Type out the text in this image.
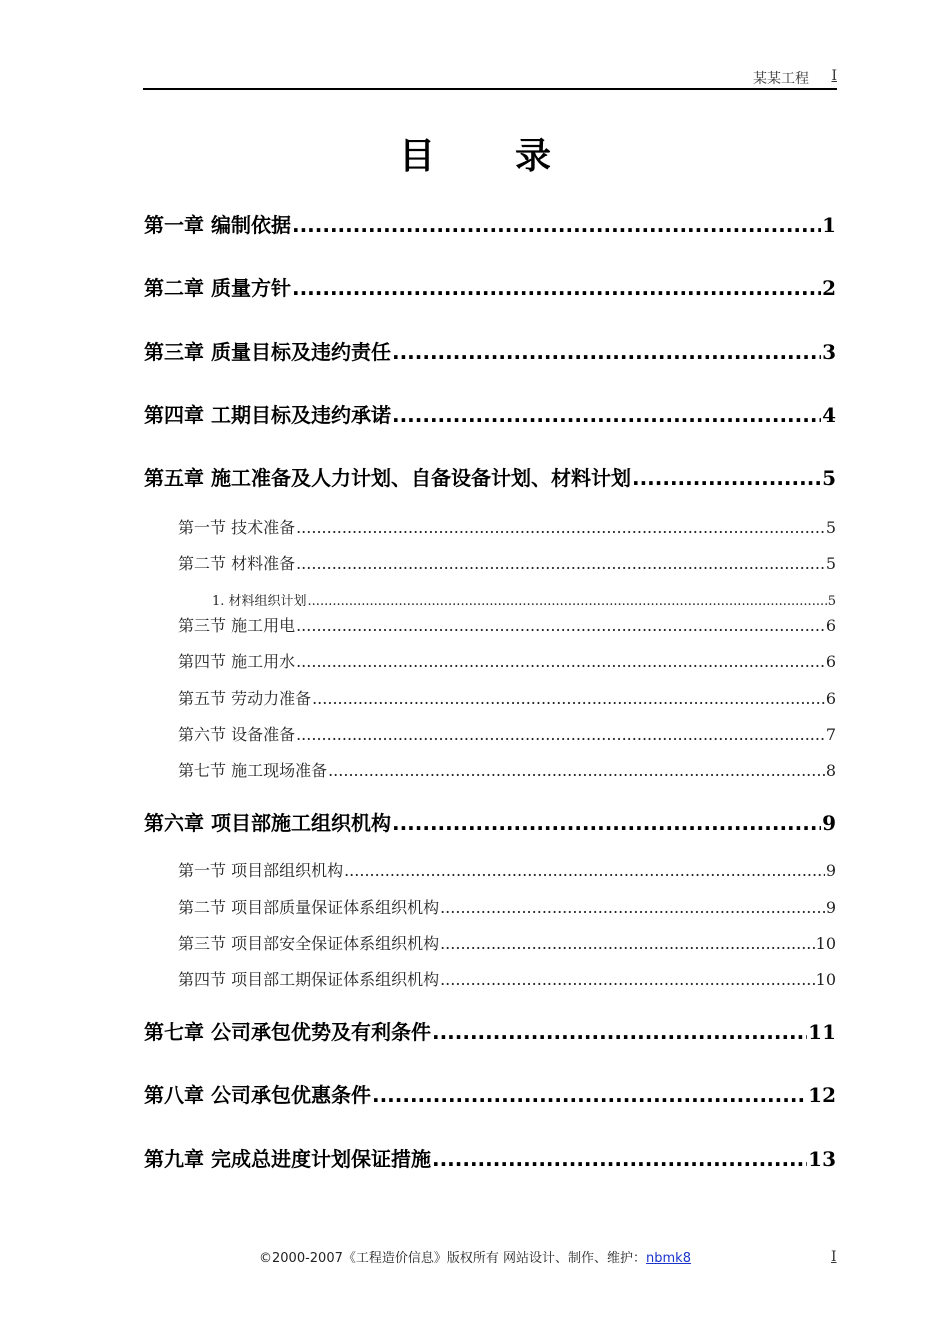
某某工程 I
目录
第一章 编制依据 .....	1
第二章 质量方针 .....	2
第三章 质量目标及违约责任 .....	3
第四章 工期目标及违约承诺 .....	4
第五章 施工准备及人力计划、自备设备计划、材料计划 .....	5
第一节 技术准备 .....	5
第二节 材料准备 .....	5
1. 材料组织计划 .....	5
第三节 施工用电 .....	6
第四节 施工用水 .....	6
第五节 劳动力准备 .....	6
第六节 设备准备 .....	7
第七节 施工现场准备 .....	8
第六章 项目部施工组织机构 .....	9
第一节 项目部组织机构 .....	9
第二节 项目部质量保证体系组织机构 .....	9
第三节 项目部安全保证体系组织机构 .....	10
第四节 项目部工期保证体系组织机构 .....	10
第七章 公司承包优势及有利条件 .....	11
第八章 公司承包优惠条件 .....	12
第九章 完成总进度计划保证措施 .....	13
©2000-2007《工程造价信息》版权所有 网站设计、制作、维护：nbmk8	I
